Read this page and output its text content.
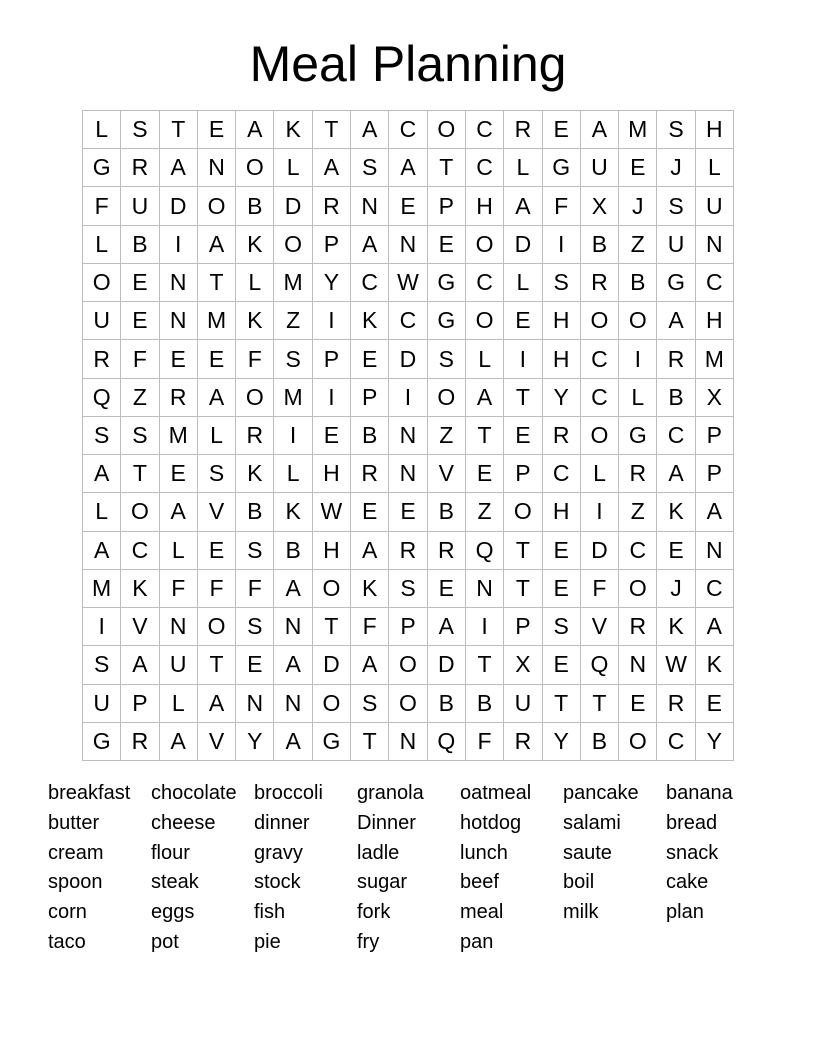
Meal Planning
L	S	T	E A K	T	A C O C R E A M S H
G R A N O L	A S A	T C	L G U E	J	L
F U D O B D R N E P H A	F	X	J	S U
L	B	I	A K O P A N E O D	I	B	Z U N
O E N T	L M Y C W G C	L	S R B G C
U E N M K	Z	I	K C G O E H O O A H
R F	E E	F	S P E D S	L	I	H C	I	R M
Q Z R A O M	I	P	I	O A	T	Y C	L	B X
S S M L	R	I	E B N Z	T	E R O G C P
A	T	E S K	L	H R N V E P C	L	R A P
L O A V B K W E E B	Z O H	I	Z	K A
A C	L	E S B H A R R Q T	E D C E N
M K	F	F	F	A O K S E N T	E	F O	J	C
I	V N O S N T	F	P A	I	P S V R K A
S A U T	E A D A O D T	X E Q N W K
U P	L	A N N O S O B B U T	T	E R E
G R A V Y A G T N Q F R Y B O C Y
breakfast	chocolate broccoli	granola	oatmeal	pancake	banana
butter	cheese	dinner	Dinner	hotdog	salami	bread
cream	flour	gravy	ladle	lunch	saute	snack
spoon	steak	stock	sugar	beef	boil	cake
corn	eggs	fish	fork	meal	milk	plan
taco	pot	pie	fry	pan
